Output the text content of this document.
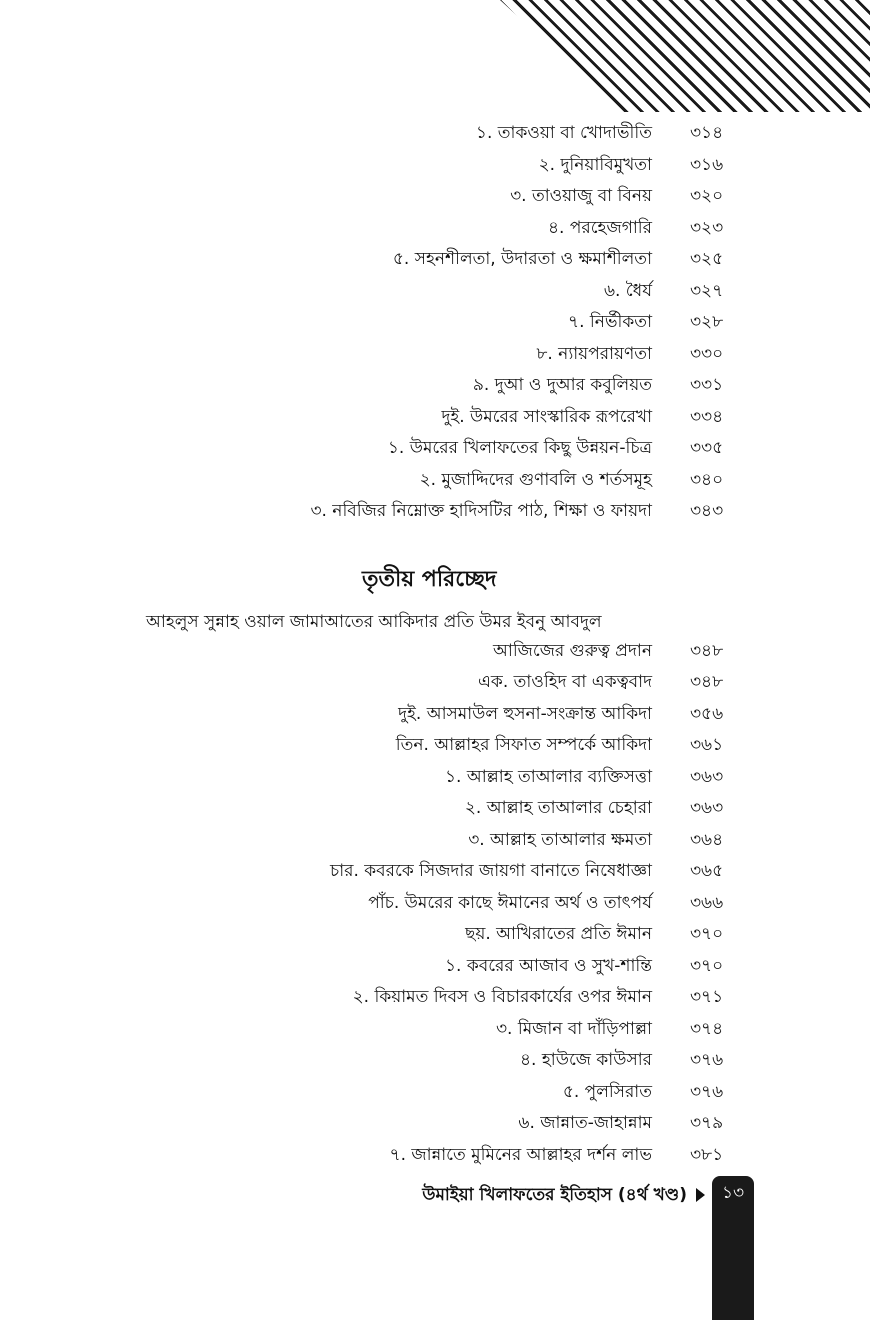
১. তাকওয়া বা খোদাভীতি ৩১৪
২. দুনিয়াবিমুখতা ৩১৬
৩. তাওয়াজু বা বিনয় ৩২০
৪. পরহেজগারি ৩২৩
৫. সহনশীলতা, উদারতা ও ক্ষমাশীলতা ৩২৫
৬. ধৈর্য ৩২৭
৭. নির্ভীকতা ৩২৮
৮. ন্যায়পরায়ণতা ৩৩০
৯. দুআ ও দুআর কবুলিয়ত ৩৩১
দুই. উমরের সাংস্কারিক রূপরেখা ৩৩৪
১. উমরের খিলাফতের কিছু উন্নয়ন-চিত্র ৩৩৫
২. মুজাদ্দিদের গুণাবলি ও শর্তসমূহ ৩৪০
৩. নবিজির নিম্নোক্ত হাদিসটির পাঠ, শিক্ষা ও ফায়দা ৩৪৩
তৃতীয় পরিচ্ছেদ
আহলুস সুন্নাহ ওয়াল জামাআতের আকিদার প্রতি উমর ইবনু আবদুল
আজিজের গুরুত্ব প্রদান ৩৪৮
এক. তাওহিদ বা একত্ববাদ ৩৪৮
দুই. আসমাউল হুসনা-সংক্রান্ত আকিদা ৩৫৬
তিন. আল্লাহর সিফাত সম্পর্কে আকিদা ৩৬১
১. আল্লাহ তাআলার ব্যক্তিসত্তা ৩৬৩
২. আল্লাহ তাআলার চেহারা ৩৬৩
৩. আল্লাহ তাআলার ক্ষমতা ৩৬৪
চার. কবরকে সিজদার জায়গা বানাতে নিষেধাজ্ঞা ৩৬৫
পাঁচ. উমরের কাছে ঈমানের অর্থ ও তাৎপর্য ৩৬৬
ছয়. আখিরাতের প্রতি ঈমান ৩৭০
১. কবরের আজাব ও সুখ-শান্তি ৩৭০
২. কিয়ামত দিবস ও বিচারকার্যের ওপর ঈমান ৩৭১
৩. মিজান বা দাঁড়িপাল্লা ৩৭৪
৪. হাউজে কাউসার ৩৭৬
৫. পুলসিরাত ৩৭৬
৬. জান্নাত-জাহান্নাম ৩৭৯
৭. জান্নাতে মুমিনের আল্লাহর দর্শন লাভ ৩৮১
উমাইয়া খিলাফতের ইতিহাস (৪র্থ খণ্ড)	১৩
